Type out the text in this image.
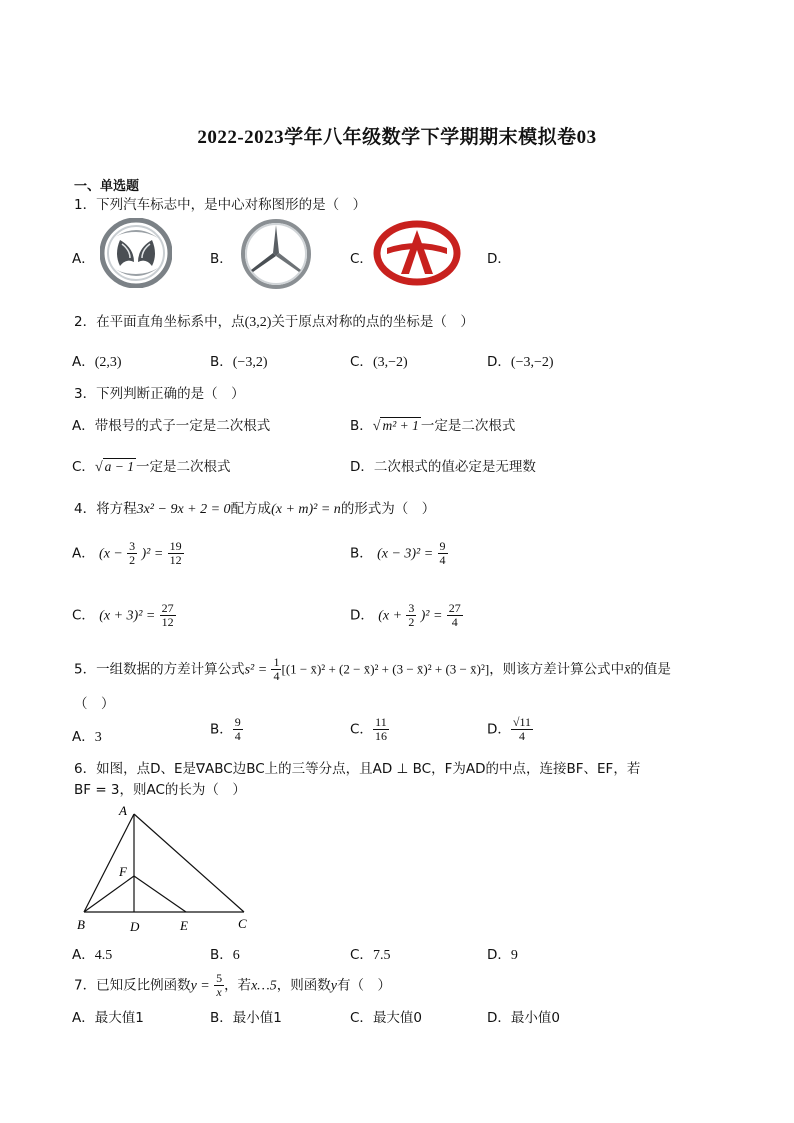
2022-2023学年八年级数学下学期期末模拟卷03
一、单选题
1．下列汽车标志中，是中心对称图形的是（　）
A．	B．	C．	D．
2．在平面直角坐标系中，点(3,2)关于原点对称的点的坐标是（　）
A．(2,3)	B．(−3,2)	C．(3,−2)	D．(−3,−2)
3．下列判断正确的是（　）
A．带根号的式子一定是二次根式	B．√ m² + 1 一定是二次根式
C．√ a − 1 一定是二次根式	D．二次根式的值必定是无理数
4．将方程3x² − 9x + 2 = 0配方成(x + m)² = n的形式为（　）
A． $(x - \frac{3}{2} )^2 = \frac{19}{12}$	B． $(x - 3)^2 = \frac{9}{4}$
C． $(x + 3)^2 = \frac{27}{12}$	D． $(x + \frac{3}{2} )^2 = \frac{27}{4}$
5．一组数据的方差计算公式$s^2 = \frac{1}{4} [(1$ − x̄)² + (2 − x̄)² + (3 − x̄)² + (3 − x̄)²]，则该方差计算公式中x̄的值是
（　）
A．3	B． $\frac{9}{4}$	C． $\frac{11}{16}$	D． $\frac{√11}{4}$
6．如图，点D、E是∇ABC边BC上的三等分点，且AD ⊥ BC，F为AD的中点，连接BF、EF，若
BF = 3，则AC的长为（　）
A
F
B	D	E	C
A．4.5	B．6	C．7.5	D．9
7．已知反比例函数$y = \frac{5}{x}$ ，若x…5，则函数y有（　）
A．最大值1	B．最小值1	C．最大值0	D．最小值0
